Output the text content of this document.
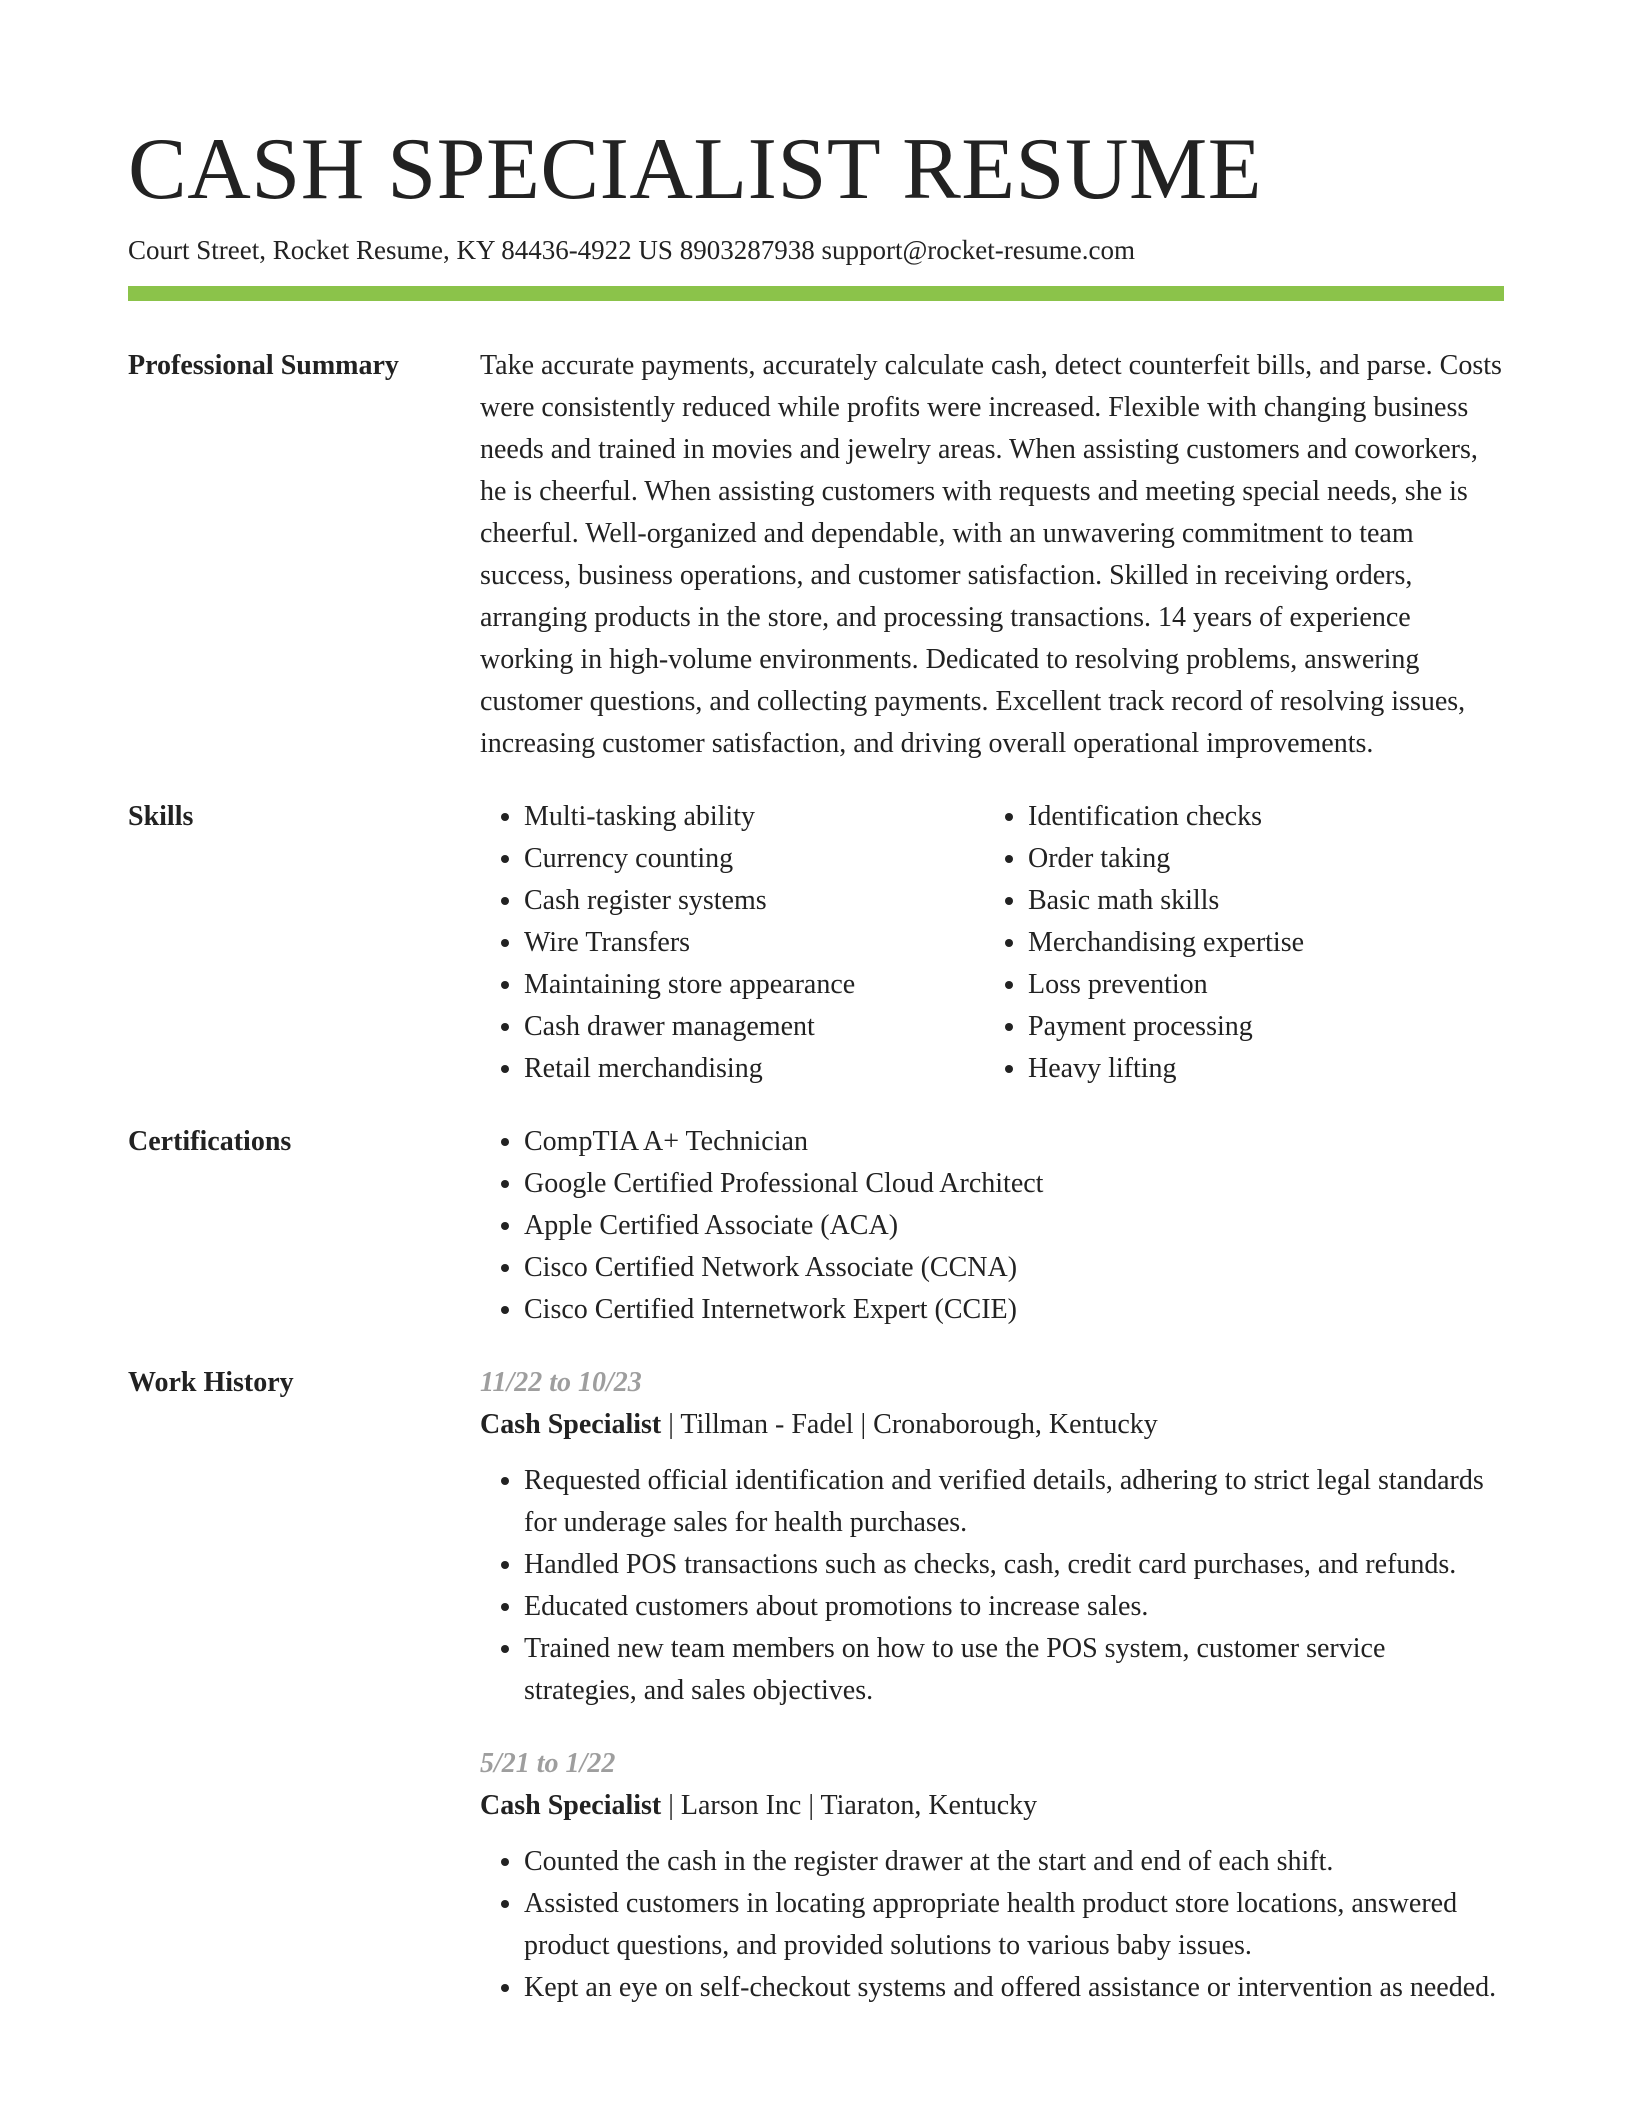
CASH SPECIALIST RESUME
Court Street, Rocket Resume, KY 84436-4922 US 8903287938 support@rocket-resume.com
Professional Summary	Take accurate payments, accurately calculate cash, detect counterfeit bills, and parse. Costs were consistently reduced while profits were increased. Flexible with changing business needs and trained in movies and jewelry areas. When assisting customers and coworkers, he is cheerful. When assisting customers with requests and meeting special needs, she is cheerful. Well-organized and dependable, with an unwavering commitment to team success, business operations, and customer satisfaction. Skilled in receiving orders, arranging products in the store, and processing transactions. 14 years of experience working in high-volume environments. Dedicated to resolving problems, answering customer questions, and collecting payments. Excellent track record of resolving issues, increasing customer satisfaction, and driving overall operational improvements.
Skills	• Multi-tasking ability
• Currency counting
• Cash register systems
• Wire Transfers
• Maintaining store appearance
• Cash drawer management
• Retail merchandising
• Identification checks
• Order taking
• Basic math skills
• Merchandising expertise
• Loss prevention
• Payment processing
• Heavy lifting
Certifications	• CompTIA A+ Technician
• Google Certified Professional Cloud Architect
• Apple Certified Associate (ACA)
• Cisco Certified Network Associate (CCNA)
• Cisco Certified Internetwork Expert (CCIE)
Work History	11/22 to 10/23
Cash Specialist | Tillman - Fadel | Cronaborough, Kentucky
• Requested official identification and verified details, adhering to strict legal standards for underage sales for health purchases.
• Handled POS transactions such as checks, cash, credit card purchases, and refunds.
• Educated customers about promotions to increase sales.
• Trained new team members on how to use the POS system, customer service strategies, and sales objectives.
5/21 to 1/22
Cash Specialist | Larson Inc | Tiaraton, Kentucky
• Counted the cash in the register drawer at the start and end of each shift.
• Assisted customers in locating appropriate health product store locations, answered product questions, and provided solutions to various baby issues.
• Kept an eye on self-checkout systems and offered assistance or intervention as needed.
